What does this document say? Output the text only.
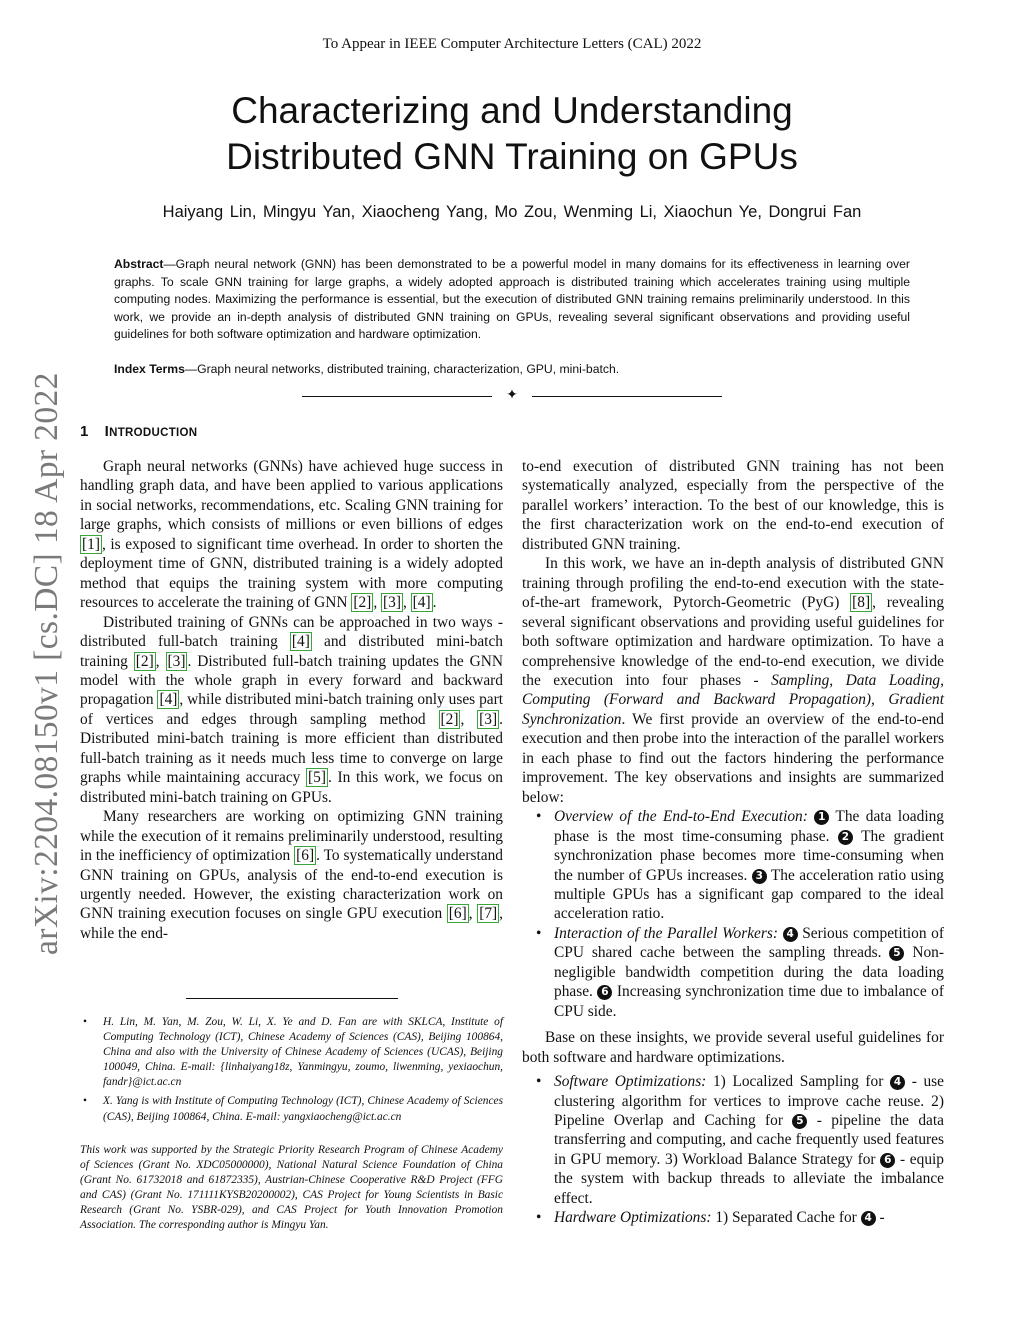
To Appear in IEEE Computer Architecture Letters (CAL) 2022
Characterizing and Understanding
Distributed GNN Training on GPUs
Haiyang Lin, Mingyu Yan, Xiaocheng Yang, Mo Zou, Wenming Li, Xiaochun Ye, Dongrui Fan

Abstract—Graph neural network (GNN) has been demonstrated to be a powerful model in many domains for its effectiveness in learning over graphs. To scale GNN training for large graphs, a widely adopted approach is distributed training which accelerates training using multiple computing nodes. Maximizing the performance is essential, but the execution of distributed GNN training remains preliminarily understood. In this work, we provide an in-depth analysis of distributed GNN training on GPUs, revealing several significant observations and providing useful guidelines for both software optimization and hardware optimization.

Index Terms—Graph neural networks, distributed training, characterization, GPU, mini-batch.

✦
arXiv:2204.08150v1 [cs.DC] 18 Apr 2022 1 INTRODUCTION

Graph neural networks (GNNs) have achieved huge success in handling graph data, and have been applied to various applications in social networks, recommendations, etc. Scaling GNN training for large graphs, which consists of millions or even billions of edges [1] , is exposed to significant time overhead. In order to shorten the deployment time of GNN, distributed training is a widely adopted method that equips the training system with more computing resources to accelerate the training of GNN [2] , [3] , [4] .

Distributed training of GNNs can be approached in two ways - distributed full-batch training [4] and distributed mini-batch training [2] , [3] . Distributed full-batch training updates the GNN model with the whole graph in every forward and backward propagation [4] , while distributed mini-batch training only uses part of vertices and edges through sampling method [2] , [3] . Distributed mini-batch training is more efficient than distributed full-batch training as it needs much less time to converge on large graphs while maintaining accuracy [5] . In this work, we focus on distributed mini-batch training on GPUs.

Many researchers are working on optimizing GNN training while the execution of it remains preliminarily understood, resulting in the inefficiency of optimization [6] . To systematically understand GNN training on GPUs, analysis of the end-to-end execution is urgently needed. However, the existing characterization work on GNN training execution focuses on single GPU execution [6] , [7] , while the end-

to-end execution of distributed GNN training has not been systematically analyzed, especially from the perspective of the parallel workers’ interaction. To the best of our knowledge, this is the first characterization work on the end-to-end execution of distributed GNN training.

In this work, we have an in-depth analysis of distributed GNN training through profiling the end-to-end execution with the state-of-the-art framework, Pytorch-Geometric (PyG) [8] , revealing several significant observations and providing useful guidelines for both software optimization and hardware optimization. To have a comprehensive knowledge of the end-to-end execution, we divide the execution into four phases - Sampling, Data Loading, Computing (Forward and Backward Propagation), Gradient Synchronization. We first provide an overview of the end-to-end execution and then probe into the interaction of the parallel workers in each phase to find out the factors hindering the performance improvement. The key observations and insights are summarized below:

• Overview of the End-to-End Execution: 1 The data loading phase is the most time-consuming phase. 2 The gradient synchronization phase becomes more time-consuming when the number of GPUs increases. 3 The acceleration ratio using multiple GPUs has a significant gap compared to the ideal acceleration ratio.
• Interaction of the Parallel Workers: 4 Serious competition of CPU shared cache between the sampling threads. 5 Non-negligible bandwidth competition during the data loading phase. 6 Increasing synchronization time due to imbalance of CPU side.

Base on these insights, we provide several useful guidelines for both software and hardware optimizations.

• Software Optimizations: 1) Localized Sampling for 4 - use clustering algorithm for vertices to improve cache reuse. 2) Pipeline Overlap and Caching for 5 - pipeline the data transferring and computing, and cache frequently used features in GPU memory. 3) Workload Balance Strategy for 6 - equip the system with backup threads to alleviate the imbalance effect.
• Hardware Optimizations: 1) Separated Cache for 4 -
• H. Lin, M. Yan, M. Zou, W. Li, X. Ye and D. Fan are with SKLCA, Institute of Computing Technology (ICT), Chinese Academy of Sciences (CAS), Beijing 100864, China and also with the University of Chinese Academy of Sciences (UCAS), Beijing 100049, China. E-mail: {linhaiyang18z, Yanmingyu, zoumo, liwenming, yexiaochun, fandr}@ict.ac.cn
• X. Yang is with Institute of Computing Technology (ICT), Chinese Academy of Sciences (CAS), Beijing 100864, China. E-mail: yangxiaocheng@ict.ac.cn

This work was supported by the Strategic Priority Research Program of Chinese Academy of Sciences (Grant No. XDC05000000), National Natural Science Foundation of China (Grant No. 61732018 and 61872335), Austrian-Chinese Cooperative R&D Project (FFG and CAS) (Grant No. 171111KYSB20200002), CAS Project for Young Scientists in Basic Research (Grant No. YSBR-029), and CAS Project for Youth Innovation Promotion Association. The corresponding author is Mingyu Yan.
